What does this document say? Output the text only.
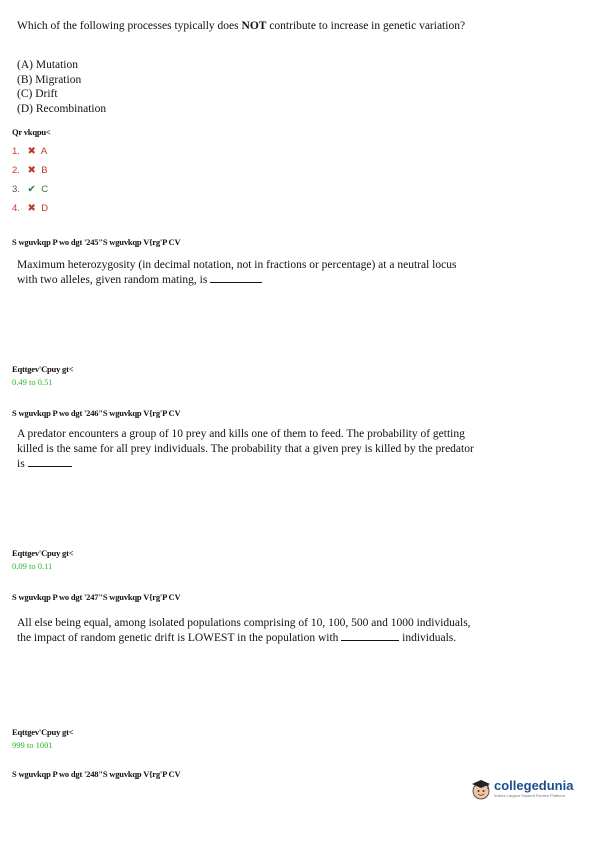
Which of the following processes typically does NOT contribute to increase in genetic variation?
(A) Mutation
(B) Migration
(C) Drift
(D) Recombination
Qr vkqpu<
1. ✖ A
2. ✖ B
3. ✔ C
4. ✖ D
S wguvkqp P wo dgt '245"S wguvkqp V{rg'P CV
Maximum heterozygosity (in decimal notation, not in fractions or percentage) at a neutral locus
with two alleles, given random mating, is
Eqttgev'Cpuy gt<
0.49 to 0.51
S wguvkqp P wo dgt '246"S wguvkqp V{rg'P CV
A predator encounters a group of 10 prey and kills one of them to feed. The probability of getting
killed is the same for all prey individuals. The probability that a given prey is killed by the predator
is
Eqttgev'Cpuy gt<
0.09 to 0.11
S wguvkqp P wo dgt '247"S wguvkqp V{rg'P CV
All else being equal, among isolated populations comprising of 10, 100, 500 and 1000 individuals,
the impact of random genetic drift is LOWEST in the population with	individuals.
Eqttgev'Cpuy gt<
999 to 1001
S wguvkqp P wo dgt '248"S wguvkqp V{rg'P CV
collegedunia
India's Largest Student Review Platform
